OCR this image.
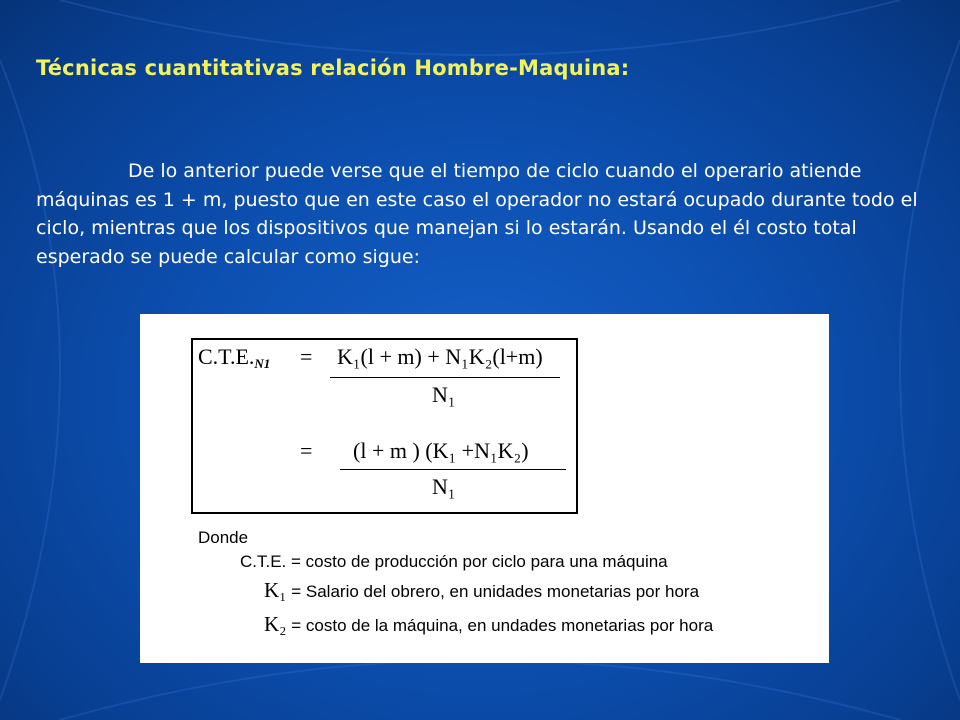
Técnicas cuantitativas relación Hombre-Maquina:

De lo anterior puede verse que el tiempo de ciclo cuando el operario atiende máquinas es 1 + m, puesto que en este caso el operador no estará ocupado durante todo el ciclo, mientras que los dispositivos que manejan si lo estarán. Usando el él costo total esperado se puede calcular como sigue:

$C.T.E._{N1} = K_1(l + m) + N_1K_2(l+m)$
N₁
= (l + m ) (K₁ +N₁K₂)
N₁
Donde
C.T.E. = costo de producción por ciclo para una máquina
K₁ = Salario del obrero, en unidades monetarias por hora
K₂ = costo de la máquina, en undades monetarias por hora
